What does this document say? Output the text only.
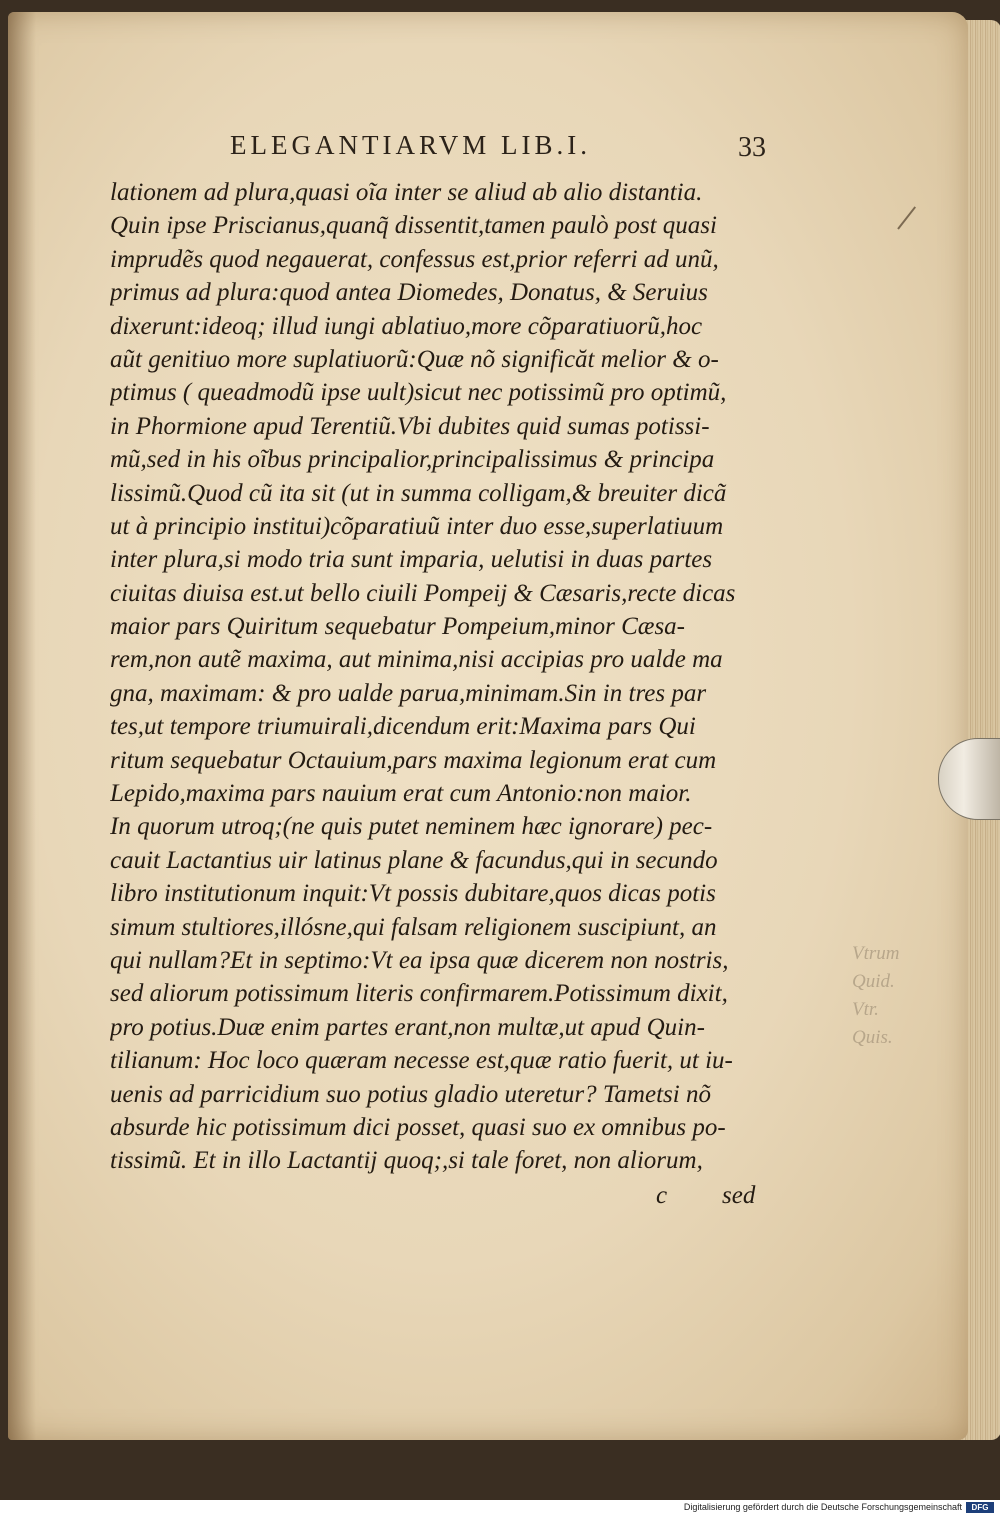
ELEGANTIARVM LIB.I.	33
lationem ad plura,quasi oĩa inter se aliud ab alio distantia.
Quin ipse Priscianus,quanq̃ dissentit,tamen paulò post quasi
imprudẽs quod negauerat, confessus est,prior referri ad unũ,
primus ad plura:quod antea Diomedes, Donatus, & Seruius
dixerunt:ideoq; illud iungi ablatiuo,more cõparatiuorũ,hoc
aũt genitiuo more suplatiuorũ:Quæ nõ significăt melior & o-
ptimus ( queadmodũ ipse uult)sicut nec potissimũ pro optimũ,
in Phormione apud Terentiũ.Vbi dubites quid sumas potissi-
mũ,sed in his oĩbus principalior,principalissimus & principa
lissimũ.Quod cũ ita sit (ut in summa colligam,& breuiter dicã
ut à principio institui)cõparatiuũ inter duo esse,superlatiuum
inter plura,si modo tria sunt imparia, uelutisi in duas partes
ciuitas diuisa est.ut bello ciuili Pompeij & Cæsaris,recte dicas
maior pars Quiritum sequebatur Pompeium,minor Cæsa-
rem,non autẽ maxima, aut minima,nisi accipias pro ualde ma
gna, maximam: & pro ualde parua,minimam.Sin in tres par
tes,ut tempore triumuirali,dicendum erit:Maxima pars Qui
ritum sequebatur Octauium,pars maxima legionum erat cum
Lepido,maxima pars nauium erat cum Antonio:non maior.
In quorum utroq;(ne quis putet neminem hæc ignorare) pec-
cauit Lactantius uir latinus plane & facundus,qui in secundo
libro institutionum inquit:Vt possis dubitare,quos dicas potis
simum stultiores,illósne,qui falsam religionem suscipiunt, an
qui nullam?Et in septimo:Vt ea ipsa quæ dicerem non nostris,
sed aliorum potissimum literis confirmarem.Potissimum dixit,
pro potius.Duæ enim partes erant,non multæ,ut apud Quin-
tilianum: Hoc loco quæram necesse est,quæ ratio fuerit, ut iu-
uenis ad parricidium suo potius gladio uteretur? Tametsi nõ
absurde hic potissimum dici posset, quasi suo ex omnibus po-
tissimũ. Et in illo Lactantij quoq;,si tale foret, non aliorum,
c sed
Vtrum
Quid.
Vtr.
Quis.
Digitalisierung gefördert durch die Deutsche Forschungsgemeinschaft	DFG
